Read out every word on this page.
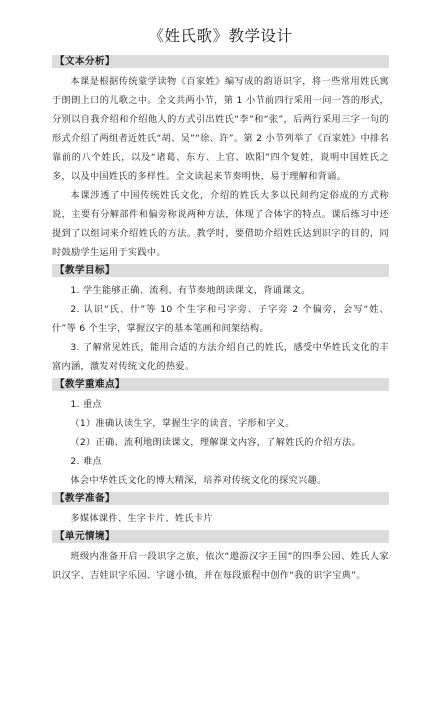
《姓氏歌》教学设计
【文本分析】

本课是根据传统蒙学读物《百家姓》编写成的韵语识字，将一些常用姓氏寓于朗朗上口的儿歌之中。全文共两小节，第 1 小节前四行采用一问一答的形式，分别以自我介绍和介绍他人的方式引出姓氏“李”和“张”，后两行采用三字一句的形式介绍了两组者近姓氏“胡、吴”“徐、许”。第 2 小节列举了《百家姓》中排名靠前的八个姓氏，以及“诸葛、东方、上官、欧阳”四个复姓，说明中国姓氏之多，以及中国姓氏的多样性。全文读起来节奏明快，易于理解和背诵。

本课涉透了中国传统姓氏文化，介绍的姓氏大多以民间约定俗成的方式称说，主要有分解部件和偏旁称说两种方法，体现了合体字的特点。课后练习中还提到了以组词来介绍姓氏的方法。教学时，要借助介绍姓氏达到识字的目的，同时鼓励学生运用于实践中。

【教学目标】

1. 学生能够正确、流利、有节奏地朗读课文，背诵课文。

2. 认识“氏、什”等 10 个生字和弓字旁、子字旁 2 个偏旁，会写“姓、什”等 6 个生字，掌握汉字的基本笔画和间架结构。

3. 了解常见姓氏，能用合适的方法介绍自己的姓氏，感受中华姓氏文化的丰富内涵，激发对传统文化的热爱。

【教学重难点】

1. 重点

（1）准确认读生字，掌握生字的读音、字形和字义。

（2）正确、流利地朗读课文，理解课文内容，了解姓氏的介绍方法。

2. 难点

体会中华姓氏文化的博大精深，培养对传统文化的探究兴趣。

【教学准备】

多媒体课件、生字卡片、姓氏卡片

【单元情境】

班级内准备开启一段识字之旅，依次“遨游汉字王国”的四季公园、姓氏人家识汉字、吉娃识字乐园、字谜小镇，并在每段旅程中创作“我的识字宝典”。
